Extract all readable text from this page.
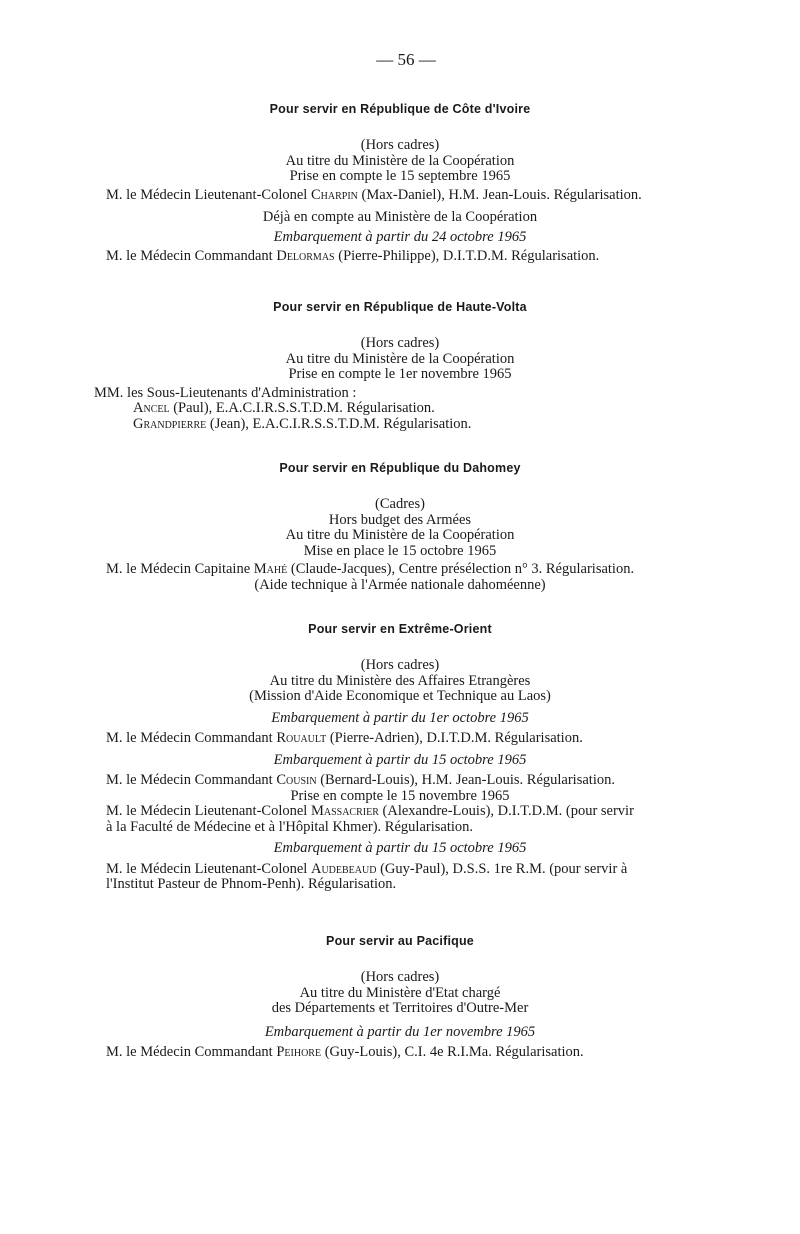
— 56 —
Pour servir en République de Côte d'Ivoire
(Hors cadres)
Au titre du Ministère de la Coopération
Prise en compte le 15 septembre 1965
M. le Médecin Lieutenant-Colonel Charpin (Max-Daniel), H.M. Jean-Louis. Régularisation.
Déjà en compte au Ministère de la Coopération
Embarquement à partir du 24 octobre 1965
M. le Médecin Commandant Delormas (Pierre-Philippe), D.I.T.D.M. Régularisation.
Pour servir en République de Haute-Volta
(Hors cadres)
Au titre du Ministère de la Coopération
Prise en compte le 1er novembre 1965
MM. les Sous-Lieutenants d'Administration :
Ancel (Paul), E.A.C.I.R.S.S.T.D.M. Régularisation.
Grandpierre (Jean), E.A.C.I.R.S.S.T.D.M. Régularisation.
Pour servir en République du Dahomey
(Cadres)
Hors budget des Armées
Au titre du Ministère de la Coopération
Mise en place le 15 octobre 1965
M. le Médecin Capitaine Mahé (Claude-Jacques), Centre présélection n° 3. Régularisation.
(Aide technique à l'Armée nationale dahoméenne)
Pour servir en Extrême-Orient
(Hors cadres)
Au titre du Ministère des Affaires Etrangères
(Mission d'Aide Economique et Technique au Laos)
Embarquement à partir du 1er octobre 1965
M. le Médecin Commandant Rouault (Pierre-Adrien), D.I.T.D.M. Régularisation.
Embarquement à partir du 15 octobre 1965
M. le Médecin Commandant Cousin (Bernard-Louis), H.M. Jean-Louis. Régularisation.
Prise en compte le 15 novembre 1965
M. le Médecin Lieutenant-Colonel Massacrier (Alexandre-Louis), D.I.T.D.M. (pour servir
à la Faculté de Médecine et à l'Hôpital Khmer). Régularisation.
Embarquement à partir du 15 octobre 1965
M. le Médecin Lieutenant-Colonel Audebeaud (Guy-Paul), D.S.S. 1re R.M. (pour servir à
l'Institut Pasteur de Phnom-Penh). Régularisation.
Pour servir au Pacifique
(Hors cadres)
Au titre du Ministère d'Etat chargé
des Départements et Territoires d'Outre-Mer
Embarquement à partir du 1er novembre 1965
M. le Médecin Commandant Peihore (Guy-Louis), C.I. 4e R.I.Ma. Régularisation.
